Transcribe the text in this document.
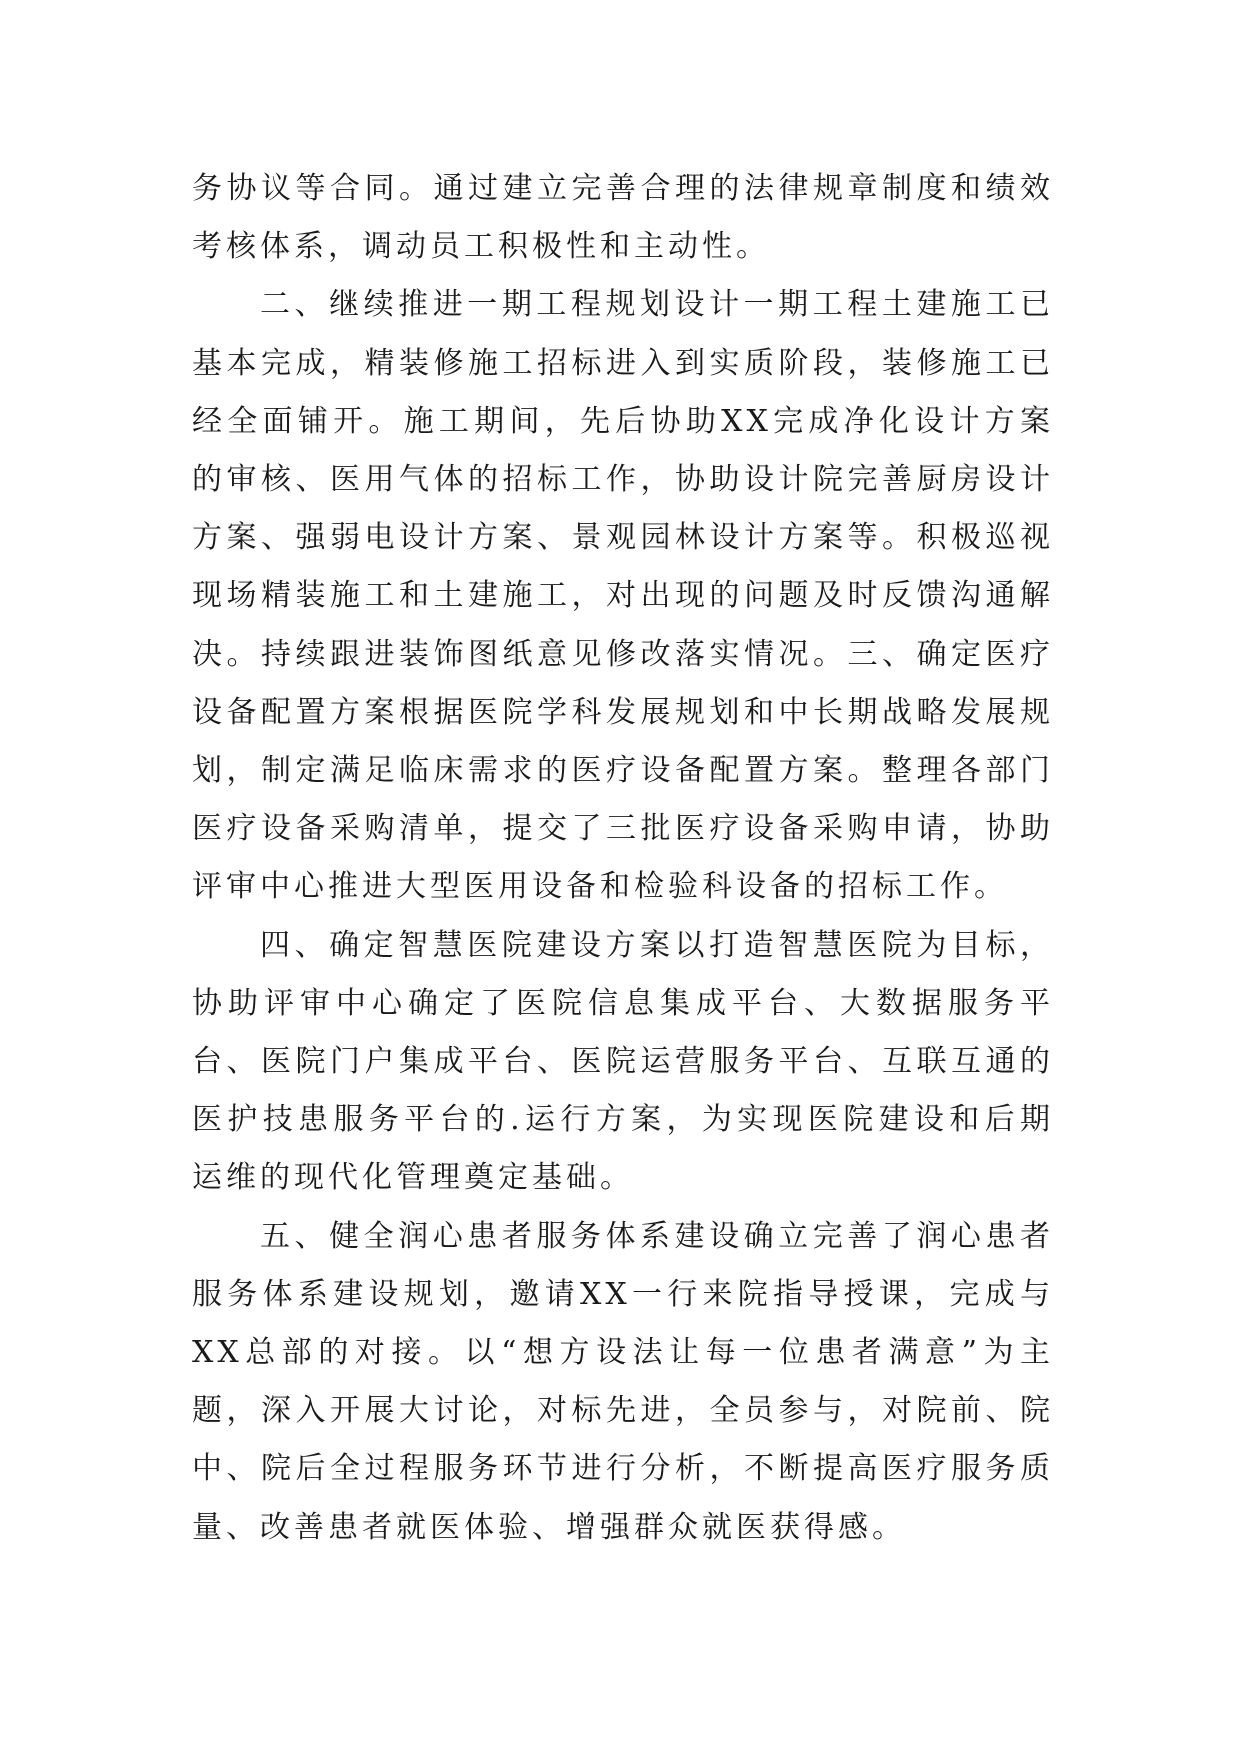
务协议等合同。通过建立完善合理的法律规章制度和绩效考核体系，调动员工积极性和主动性。

二、继续推进一期工程规划设计一期工程土建施工已基本完成，精装修施工招标进入到实质阶段，装修施工已经全面铺开。施工期间，先后协助XX完成净化设计方案的审核、医用气体的招标工作，协助设计院完善厨房设计方案、强弱电设计方案、景观园林设计方案等。积极巡视现场精装施工和土建施工，对出现的问题及时反馈沟通解决。持续跟进装饰图纸意见修改落实情况。三、确定医疗设备配置方案根据医院学科发展规划和中长期战略发展规划，制定满足临床需求的医疗设备配置方案。整理各部门医疗设备采购清单，提交了三批医疗设备采购申请，协助评审中心推进大型医用设备和检验科设备的招标工作。

四、确定智慧医院建设方案以打造智慧医院为目标，协助评审中心确定了医院信息集成平台、大数据服务平台、医院门户集成平台、医院运营服务平台、互联互通的医护技患服务平台的.运行方案，为实现医院建设和后期运维的现代化管理奠定基础。

五、健全润心患者服务体系建设确立完善了润心患者服务体系建设规划，邀请XX一行来院指导授课，完成与XX总部的对接。以“想方设法让每一位患者满意”为主题，深入开展大讨论，对标先进，全员参与，对院前、院中、院后全过程服务环节进行分析，不断提高医疗服务质量、改善患者就医体验、增强群众就医获得感。
